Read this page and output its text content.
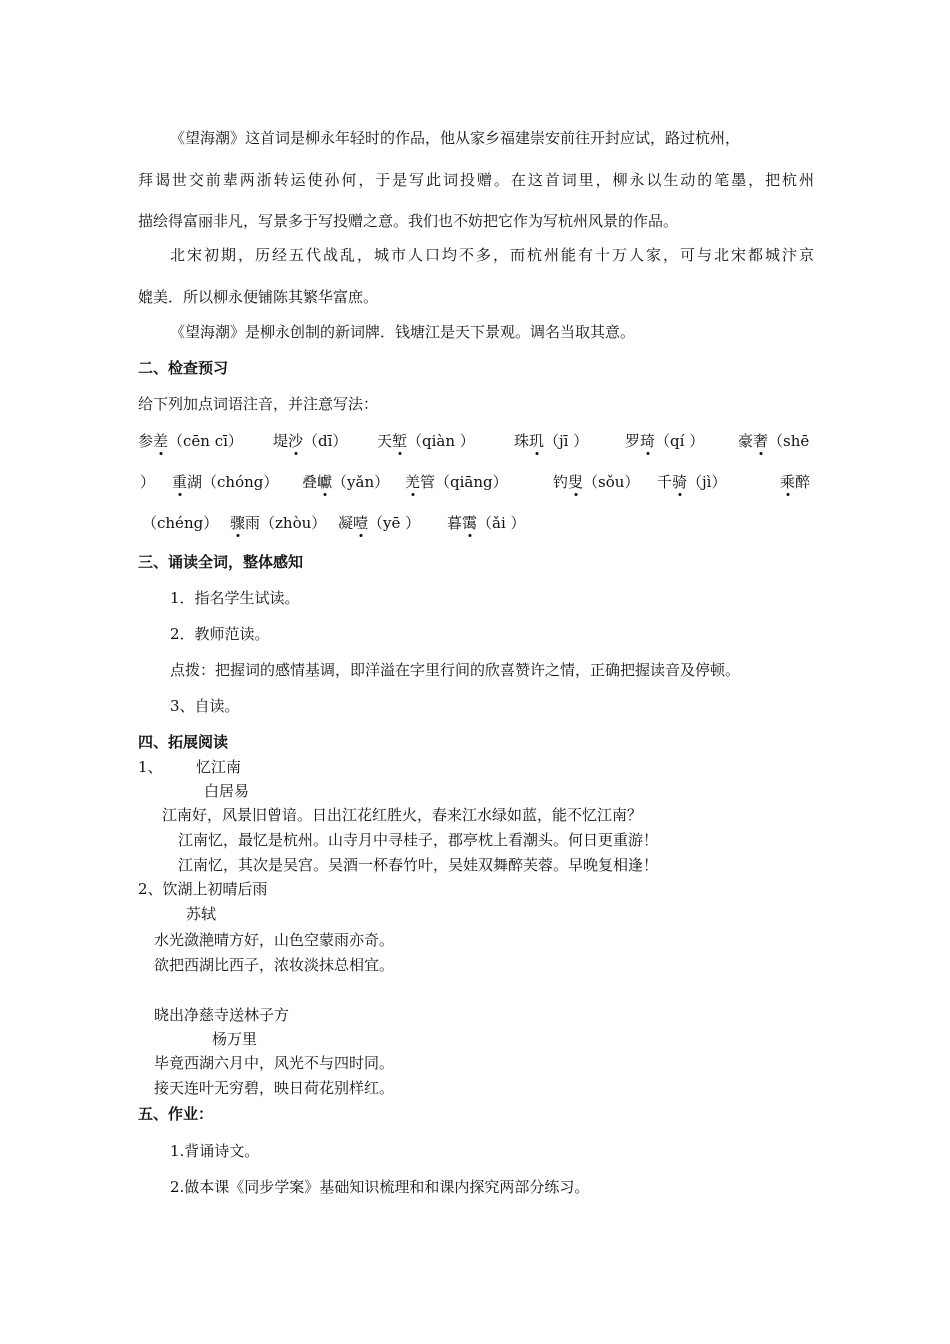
《望海潮》这首词是柳永年轻时的作品，他从家乡福建崇安前往开封应试，路过杭州，
拜谒世交前辈两浙转运使孙何，于是写此词投赠。在这首词里，柳永以生动的笔墨，把杭州
描绘得富丽非凡，写景多于写投赠之意。我们也不妨把它作为写杭州风景的作品。
北宋初期，历经五代战乱，城市人口均不多，而杭州能有十万人家，可与北宋都城汴京
媲美．所以柳永便铺陈其繁华富庶。
《望海潮》是柳永创制的新词牌．钱塘江是天下景观。调名当取其意。
二、检查预习
给下列加点词语注音，并注意写法：
参差（cēn cī） 堤沙（dī） 天堑（qiàn ）	珠玑（jī ） 罗琦（qí ） 豪奢（shē
） 重湖（chóng） 叠巘（yǎn） 羌管（qiāng）	钓叟（sǒu） 千骑（jì）	乘醉
（chéng） 骤雨（zhòu） 凝噎（yē ） 暮霭（ǎi ）
三、诵读全词，整体感知
1．指名学生试读。
2．教师范读。
点拨：把握词的感情基调，即洋溢在字里行间的欣喜赞许之情，正确把握读音及停顿。
3、自读。
四、拓展阅读
1、 忆江南
白居易
江南好，风景旧曾谙。日出江花红胜火，春来江水绿如蓝，能不忆江南？
江南忆，最忆是杭州。山寺月中寻桂子，郡亭枕上看潮头。何日更重游！
江南忆，其次是吴宫。吴酒一杯春竹叶，吴娃双舞醉芙蓉。早晚复相逢！
2、饮湖上初晴后雨
苏轼
水光潋滟晴方好，山色空蒙雨亦奇。
欲把西湖比西子，浓妆淡抹总相宜。
晓出净慈寺送林子方
杨万里
毕竟西湖六月中，风光不与四时同。
接天连叶无穷碧，映日荷花别样红。
五、作业：
1.背诵诗文。
2.做本课《同步学案》基础知识梳理和和课内探究两部分练习。
